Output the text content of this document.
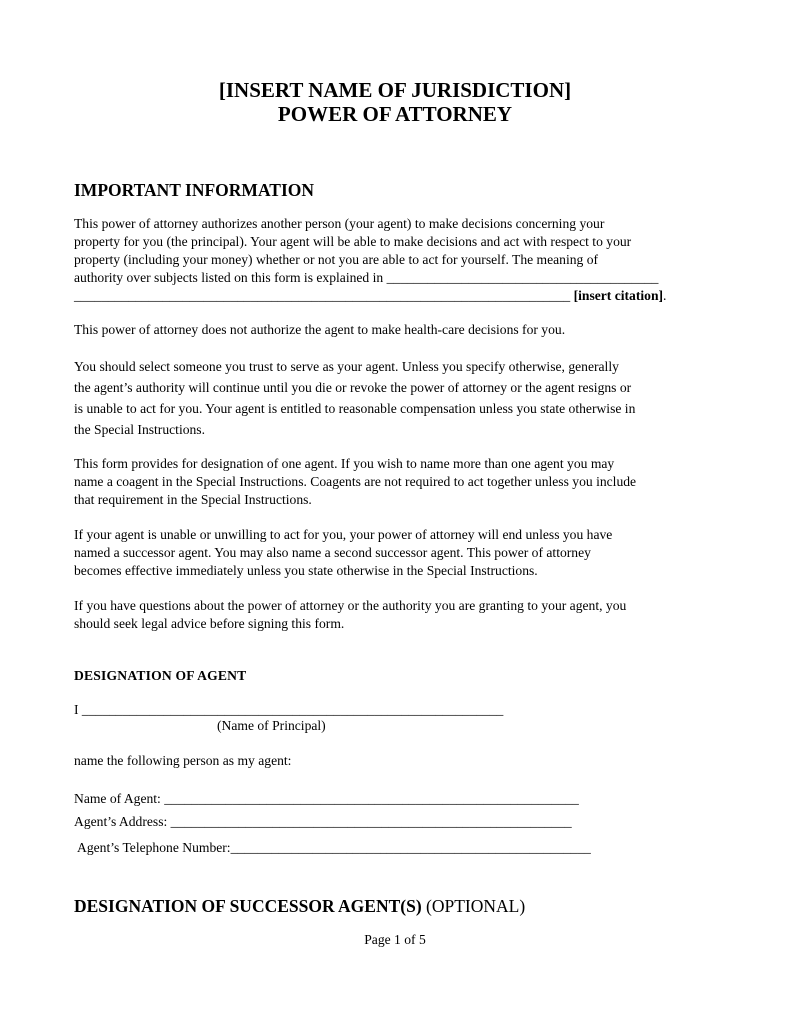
[INSERT NAME OF JURISDICTION]
POWER OF ATTORNEY
IMPORTANT INFORMATION
This power of attorney authorizes another person (your agent) to make decisions concerning your
property for you (the principal). Your agent will be able to make decisions and act with respect to your
property (including your money) whether or not you are able to act for yourself. The meaning of
authority over subjects listed on this form is explained in ________________________________________
_________________________________________________________________________ [insert citation].

This power of attorney does not authorize the agent to make health-care decisions for you.

You should select someone you trust to serve as your agent. Unless you specify otherwise, generally
the agent’s authority will continue until you die or revoke the power of attorney or the agent resigns or
is unable to act for you. Your agent is entitled to reasonable compensation unless you state otherwise in
the Special Instructions.
This form provides for designation of one agent. If you wish to name more than one agent you may
name a coagent in the Special Instructions. Coagents are not required to act together unless you include
that requirement in the Special Instructions.
If your agent is unable or unwilling to act for you, your power of attorney will end unless you have
named a successor agent. You may also name a second successor agent. This power of attorney
becomes effective immediately unless you state otherwise in the Special Instructions.
If you have questions about the power of attorney or the authority you are granting to your agent, you
should seek legal advice before signing this form.
DESIGNATION OF AGENT
I ______________________________________________________________
(Name of Principal)
name the following person as my agent:
Name of Agent: _____________________________________________________________
Agent’s Address: ___________________________________________________________
Agent’s Telephone Number:_____________________________________________________
DESIGNATION OF SUCCESSOR AGENT(S) (OPTIONAL)
Page 1 of 5
